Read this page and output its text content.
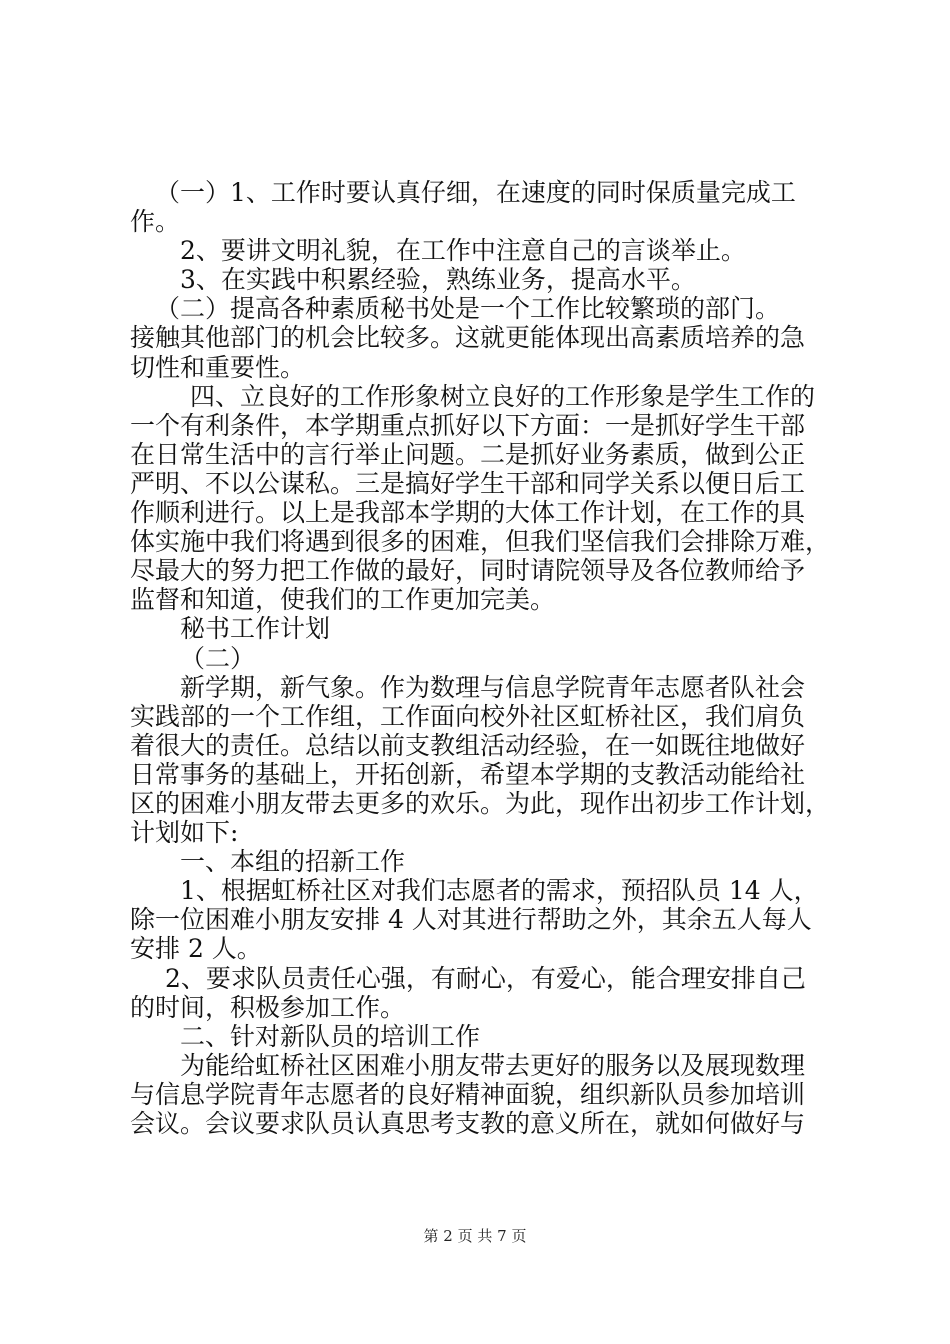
（一）1、工作时要认真仔细，在速度的同时保质量完成工
作。
2、要讲文明礼貌，在工作中注意自己的言谈举止。
3、在实践中积累经验，熟练业务，提高水平。
（二）提高各种素质秘书处是一个工作比较繁琐的部门。
接触其他部门的机会比较多。这就更能体现出高素质培养的急
切性和重要性。
四、立良好的工作形象树立良好的工作形象是学生工作的
一个有利条件，本学期重点抓好以下方面：一是抓好学生干部
在日常生活中的言行举止问题。二是抓好业务素质，做到公正
严明、不以公谋私。三是搞好学生干部和同学关系以便日后工
作顺利进行。以上是我部本学期的大体工作计划，在工作的具
体实施中我们将遇到很多的困难，但我们坚信我们会排除万难，
尽最大的努力把工作做的最好，同时请院领导及各位教师给予
监督和知道，使我们的工作更加完美。
秘书工作计划
（二）
新学期，新气象。作为数理与信息学院青年志愿者队社会
实践部的一个工作组，工作面向校外社区虹桥社区，我们肩负
着很大的责任。总结以前支教组活动经验，在一如既往地做好
日常事务的基础上，开拓创新，希望本学期的支教活动能给社
区的困难小朋友带去更多的欢乐。为此，现作出初步工作计划，
计划如下:
一、本组的招新工作
1、根据虹桥社区对我们志愿者的需求，预招队员 14 人，
除一位困难小朋友安排 4 人对其进行帮助之外，其余五人每人
安排 2 人。
2、要求队员责任心强，有耐心，有爱心，能合理安排自己
的时间，积极参加工作。
二、针对新队员的培训工作
为能给虹桥社区困难小朋友带去更好的服务以及展现数理
与信息学院青年志愿者的良好精神面貌，组织新队员参加培训
会议。会议要求队员认真思考支教的意义所在，就如何做好与
第 2 页 共 7 页
